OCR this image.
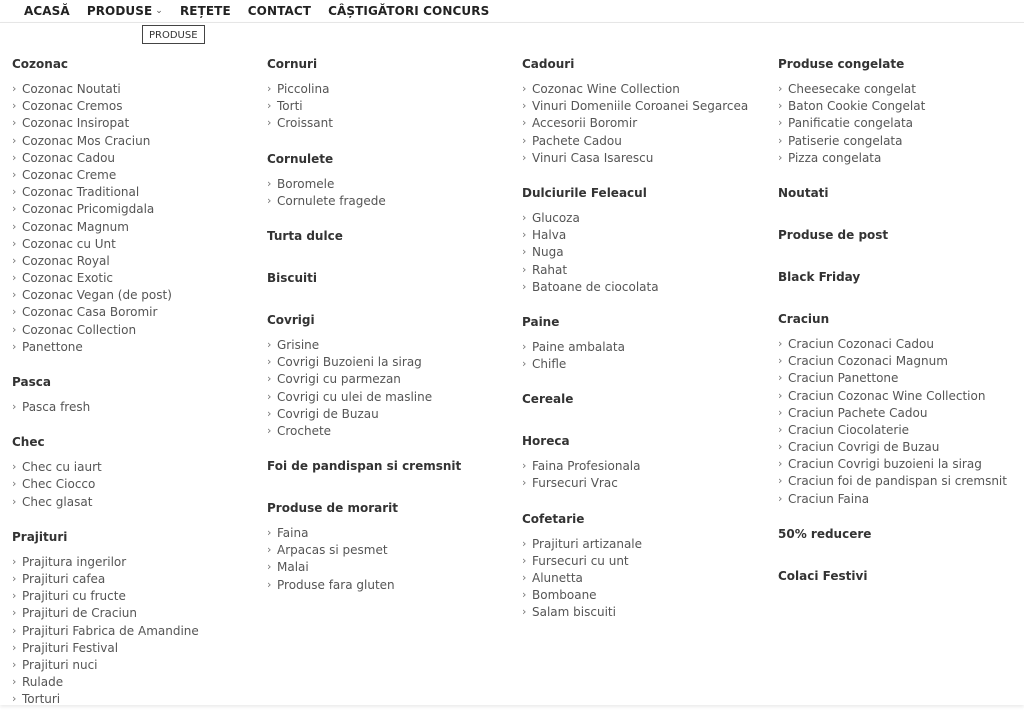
ACASĂ PRODUSE ⌄ REȚETE CONTACT CÂȘTIGĂTORI CONCURS
PRODUSE
Cozonac
› Cozonac Noutati
› Cozonac Cremos
› Cozonac Insiropat
› Cozonac Mos Craciun
› Cozonac Cadou
› Cozonac Creme
› Cozonac Traditional
› Cozonac Pricomigdala
› Cozonac Magnum
› Cozonac cu Unt
› Cozonac Royal
› Cozonac Exotic
› Cozonac Vegan (de post)
› Cozonac Casa Boromir
› Cozonac Collection
› Panettone
Pasca
› Pasca fresh
Chec
› Chec cu iaurt
› Chec Ciocco
› Chec glasat
Prajituri
› Prajitura ingerilor
› Prajituri cafea
› Prajituri cu fructe
› Prajituri de Craciun
› Prajituri Fabrica de Amandine
› Prajituri Festival
› Prajituri nuci
› Rulade
› Torturi
Cornuri
› Piccolina
› Torti
› Croissant
Cornulete
› Boromele
› Cornulete fragede
Turta dulce
Biscuiti
Covrigi
› Grisine
› Covrigi Buzoieni la sirag
› Covrigi cu parmezan
› Covrigi cu ulei de masline
› Covrigi de Buzau
› Crochete
Foi de pandispan si cremsnit
Produse de morarit
› Faina
› Arpacas si pesmet
› Malai
› Produse fara gluten
Cadouri
› Cozonac Wine Collection
› Vinuri Domeniile Coroanei Segarcea
› Accesorii Boromir
› Pachete Cadou
› Vinuri Casa Isarescu
Dulciurile Feleacul
› Glucoza
› Halva
› Nuga
› Rahat
› Batoane de ciocolata
Paine
› Paine ambalata
› Chifle
Cereale
Horeca
› Faina Profesionala
› Fursecuri Vrac
Cofetarie
› Prajituri artizanale
› Fursecuri cu unt
› Alunetta
› Bomboane
› Salam biscuiti
Produse congelate
› Cheesecake congelat
› Baton Cookie Congelat
› Panificatie congelata
› Patiserie congelata
› Pizza congelata
Noutati
Produse de post
Black Friday
Craciun
› Craciun Cozonaci Cadou
› Craciun Cozonaci Magnum
› Craciun Panettone
› Craciun Cozonac Wine Collection
› Craciun Pachete Cadou
› Craciun Ciocolaterie
› Craciun Covrigi de Buzau
› Craciun Covrigi buzoieni la sirag
› Craciun foi de pandispan si cremsnit
› Craciun Faina
50% reducere
Colaci Festivi
